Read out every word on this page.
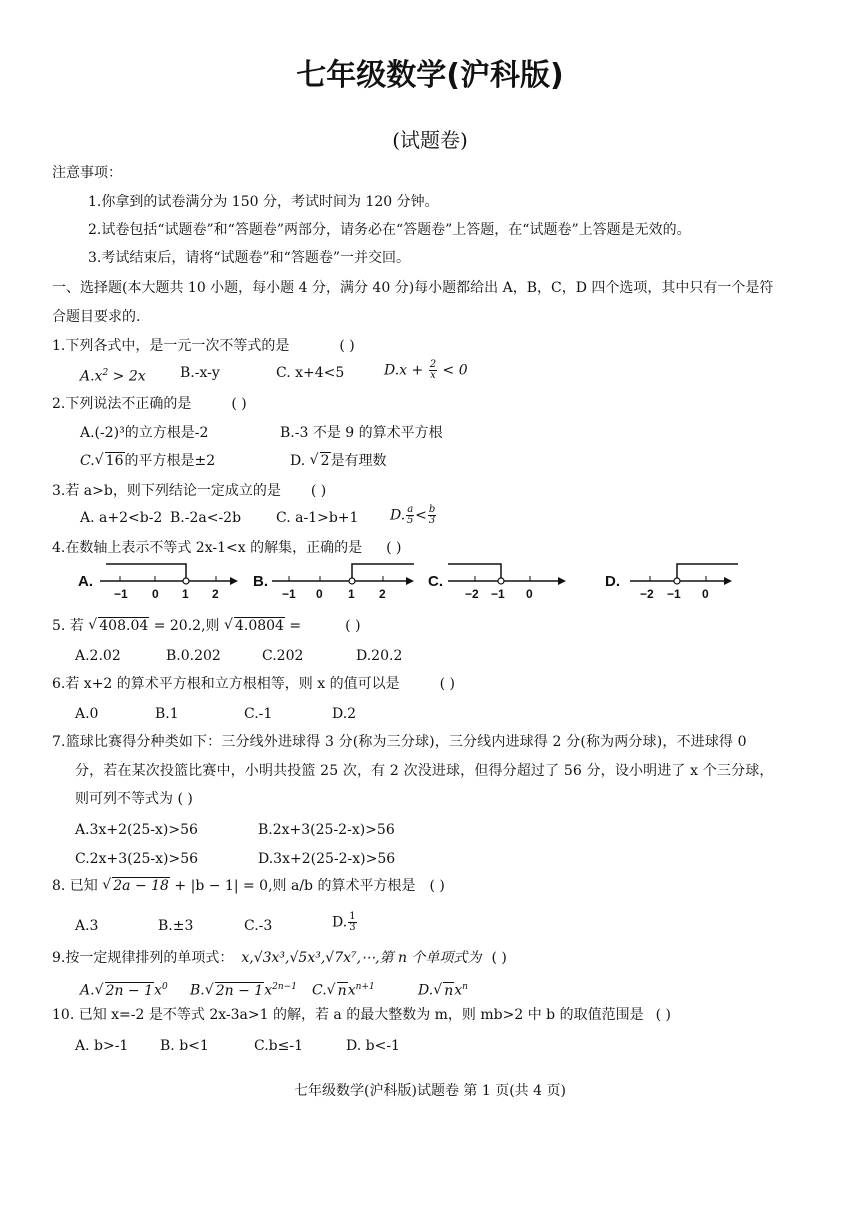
七年级数学(沪科版)
(试题卷)
注意事项：
1.你拿到的试卷满分为 150 分，考试时间为 120 分钟。
2.试卷包括“试题卷”和“答题卷”两部分，请务必在“答题卷”上答题，在“试题卷”上答题是无效的。
3.考试结束后，请将“试题卷”和“答题卷”一并交回。
一、选择题(本大题共 10 小题，每小题 4 分，满分 40 分)每小题都给出 A，B，C，D 四个选项，其中只有一个是符
合题目要求的.
1.下列各式中，是一元一次不等式的是	( )
$A.x^2 > 2x$ B.-x-y	C. x+4<5	$D.x + \frac{2}{x} < 0$
2.下列说法不正确的是	( )
A.(-2)³的立方根是-2	B.-3 不是 9 的算术平方根
C. √ 16的平方根是±2	D. √ 2是有理数
3.若 a>b，则下列结论一定成立的是 ( )
A. a+2<b-2 B.-2a<-2b C. a-1>b+1 D. $\frac{a}{5} < \frac{b}{3}$
4.在数轴上表示不等式 2x-1<x 的解集，正确的是 ( )
A.
−1 0 1 2
B.
−1 0 1 2
C.
−2 −1 0
D.
−2 −1 0
5. 若 √ 408.04 = 20.2,则 √ 4.0804 =	( )
A.2.02	B.0.202	C.202	D.20.2
6.若 x+2 的算术平方根和立方根相等，则 x 的值可以是	( )
A.0	B.1	C.-1	D.2
7.篮球比赛得分种类如下：三分线外进球得 3 分(称为三分球)，三分线内进球得 2 分(称为两分球)，不进球得 0
分，若在某次投篮比赛中，小明共投篮 25 次，有 2 次没进球，但得分超过了 56 分，设小明进了 x 个三分球，
则可列不等式为 ( )
A.3x+2(25-x)>56	B.2x+3(25-2-x)>56
C.2x+3(25-x)>56	D.3x+2(25-2-x)>56
8. 已知 √ 2a − 18 + |b − 1| = 0,则 a/b 的算术平方根是 ( )
A.3	B.±3	C.-3	D. $\frac{1}{3}$
9.按一定规律排列的单项式： x,√3x³,√5x³,√7x⁷,⋯,第 n 个单项式为 ( )
A. √ $2n - 1x^0$ B. √ $2n - 1x^{2n-1}$ C. √ $nx^{n+1}$	D. √ $nx^n$
10. 已知 x=-2 是不等式 2x-3a>1 的解，若 a 的最大整数为 m，则 mb>2 中 b 的取值范围是 ( )
A. b>-1 B. b<1	C.b≤-1	D. b<-1
七年级数学(沪科版)试题卷 第 1 页(共 4 页)
